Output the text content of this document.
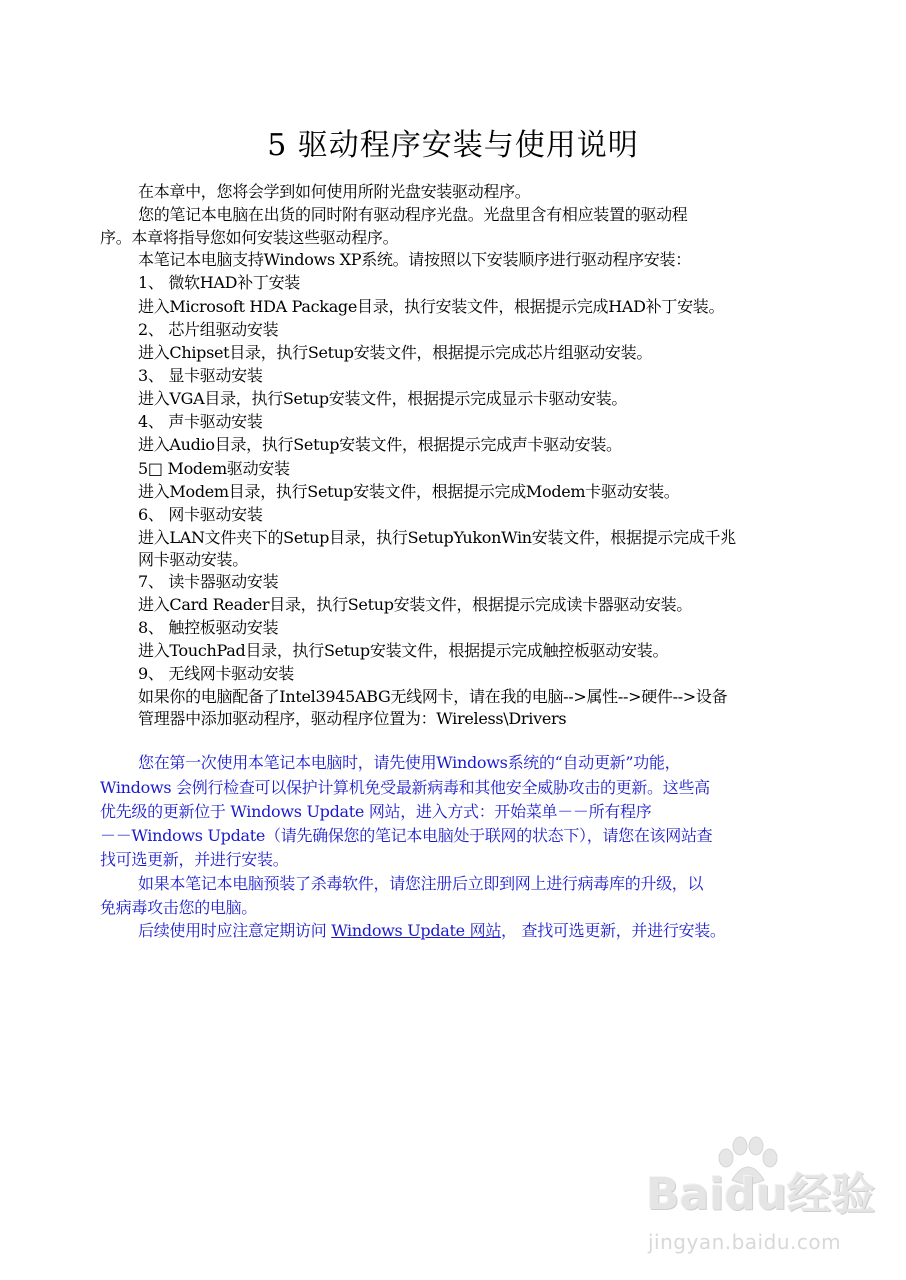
5 驱动程序安装与使用说明
在本章中，您将会学到如何使用所附光盘安装驱动程序。
您的笔记本电脑在出货的同时附有驱动程序光盘。光盘里含有相应装置的驱动程
序。本章将指导您如何安装这些驱动程序。
本笔记本电脑支持Windows XP系统。请按照以下安装顺序进行驱动程序安装：
1、 微软HAD补丁安装
进入Microsoft HDA Package目录，执行安装文件，根据提示完成HAD补丁安装。
2、 芯片组驱动安装
进入Chipset目录，执行Setup安装文件，根据提示完成芯片组驱动安装。
3、 显卡驱动安装
进入VGA目录，执行Setup安装文件，根据提示完成显示卡驱动安装。
4、 声卡驱动安装
进入Audio目录，执行Setup安装文件，根据提示完成声卡驱动安装。
5□ Modem驱动安装
进入Modem目录，执行Setup安装文件，根据提示完成Modem卡驱动安装。
6、 网卡驱动安装
进入LAN文件夹下的Setup目录，执行SetupYukonWin安装文件，根据提示完成千兆
网卡驱动安装。
7、 读卡器驱动安装
进入Card Reader目录，执行Setup安装文件，根据提示完成读卡器驱动安装。
8、 触控板驱动安装
进入TouchPad目录，执行Setup安装文件，根据提示完成触控板驱动安装。
9、 无线网卡驱动安装
如果你的电脑配备了Intel3945ABG无线网卡，请在我的电脑-->属性-->硬件-->设备
管理器中添加驱动程序，驱动程序位置为：Wireless\Drivers
您在第一次使用本笔记本电脑时，请先使用Windows系统的“自动更新”功能，
Windows 会例行检查可以保护计算机免受最新病毒和其他安全威胁攻击的更新。这些高
优先级的更新位于 Windows Update 网站，进入方式：开始菜单－－所有程序
－－Windows Update（请先确保您的笔记本电脑处于联网的状态下），请您在该网站查
找可选更新，并进行安装。
如果本笔记本电脑预装了杀毒软件，请您注册后立即到网上进行病毒库的升级，以
免病毒攻击您的电脑。
后续使用时应注意定期访问 Windows Update 网站， 查找可选更新，并进行安装。
Baidu经验
jingyan.baidu.com
